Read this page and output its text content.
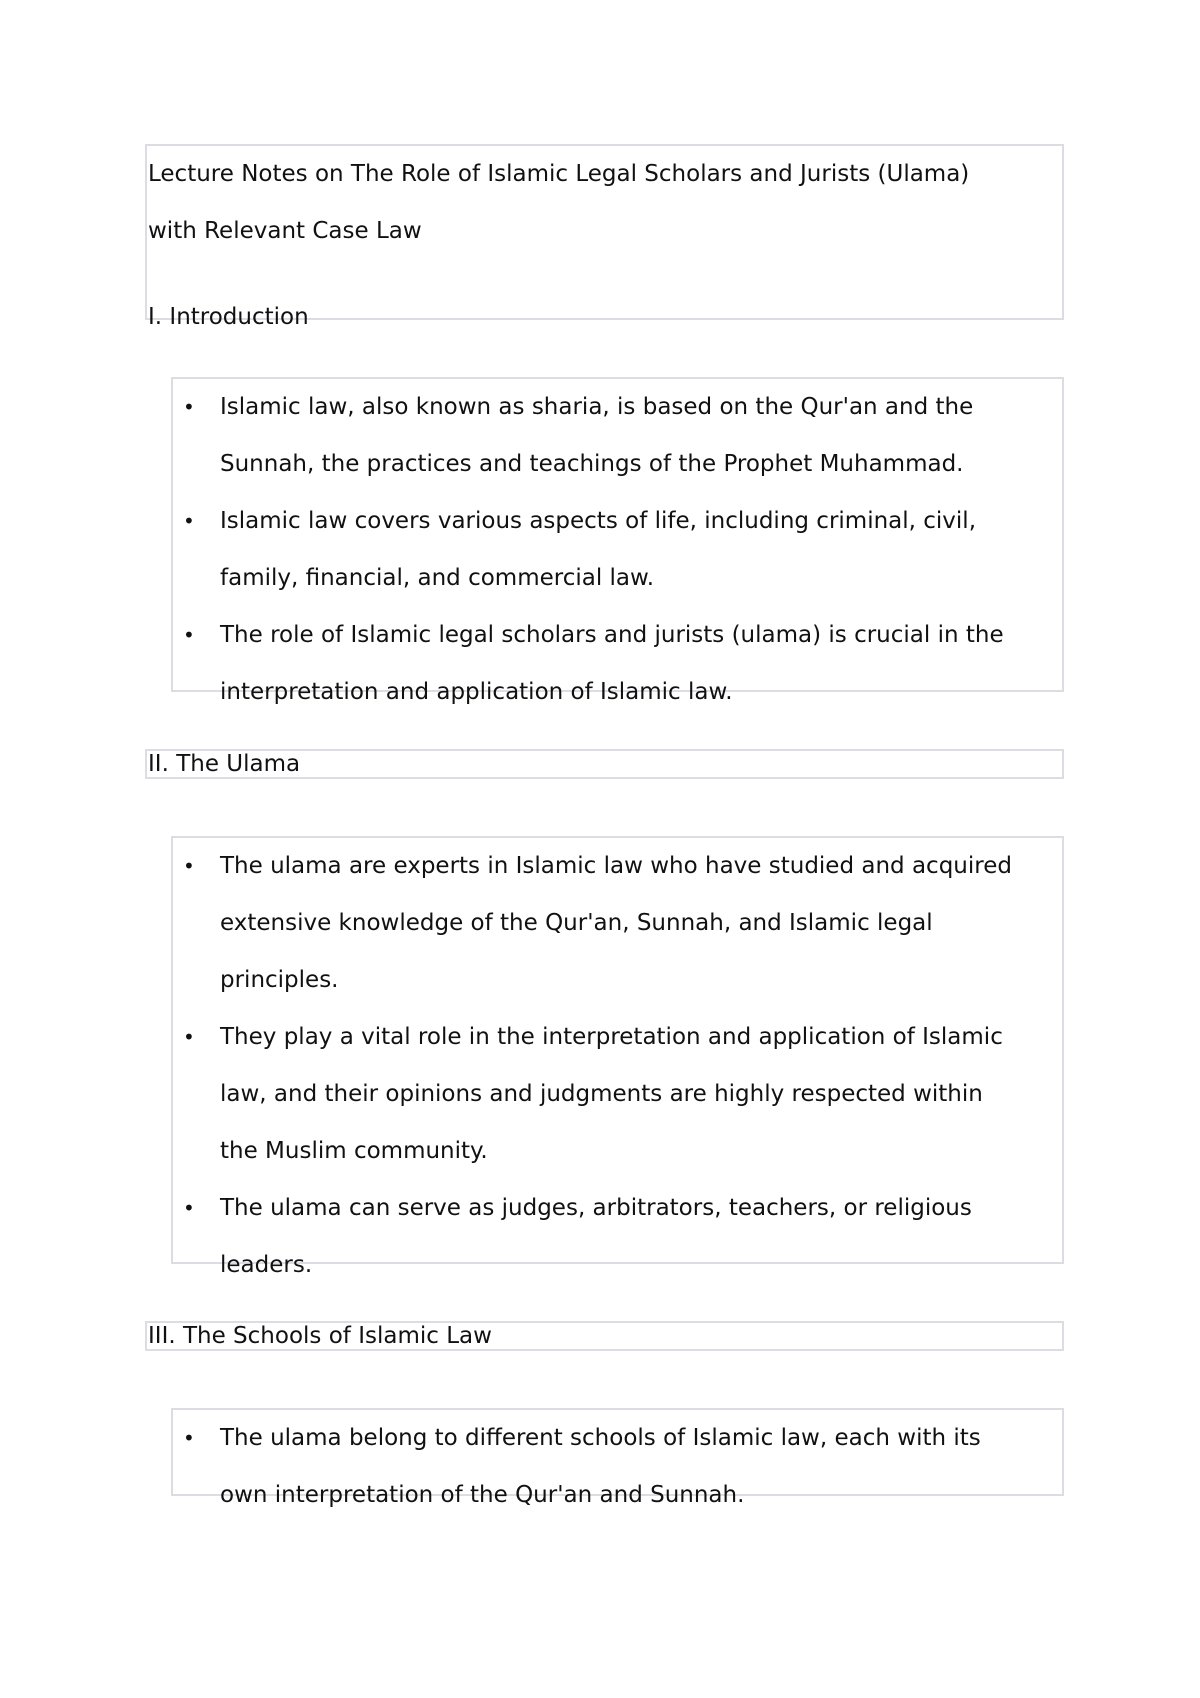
Lecture Notes on The Role of Islamic Legal Scholars and Jurists (Ulama)

with Relevant Case Law

I. Introduction

• Islamic law, also known as sharia, is based on the Qur'an and the
Sunnah, the practices and teachings of the Prophet Muhammad.
• Islamic law covers various aspects of life, including criminal, civil,
family, financial, and commercial law.
• The role of Islamic legal scholars and jurists (ulama) is crucial in the
interpretation and application of Islamic law.

II. The Ulama

• The ulama are experts in Islamic law who have studied and acquired
extensive knowledge of the Qur'an, Sunnah, and Islamic legal
principles.
• They play a vital role in the interpretation and application of Islamic
law, and their opinions and judgments are highly respected within
the Muslim community.
• The ulama can serve as judges, arbitrators, teachers, or religious
leaders.

III. The Schools of Islamic Law

• The ulama belong to different schools of Islamic law, each with its
own interpretation of the Qur'an and Sunnah.
